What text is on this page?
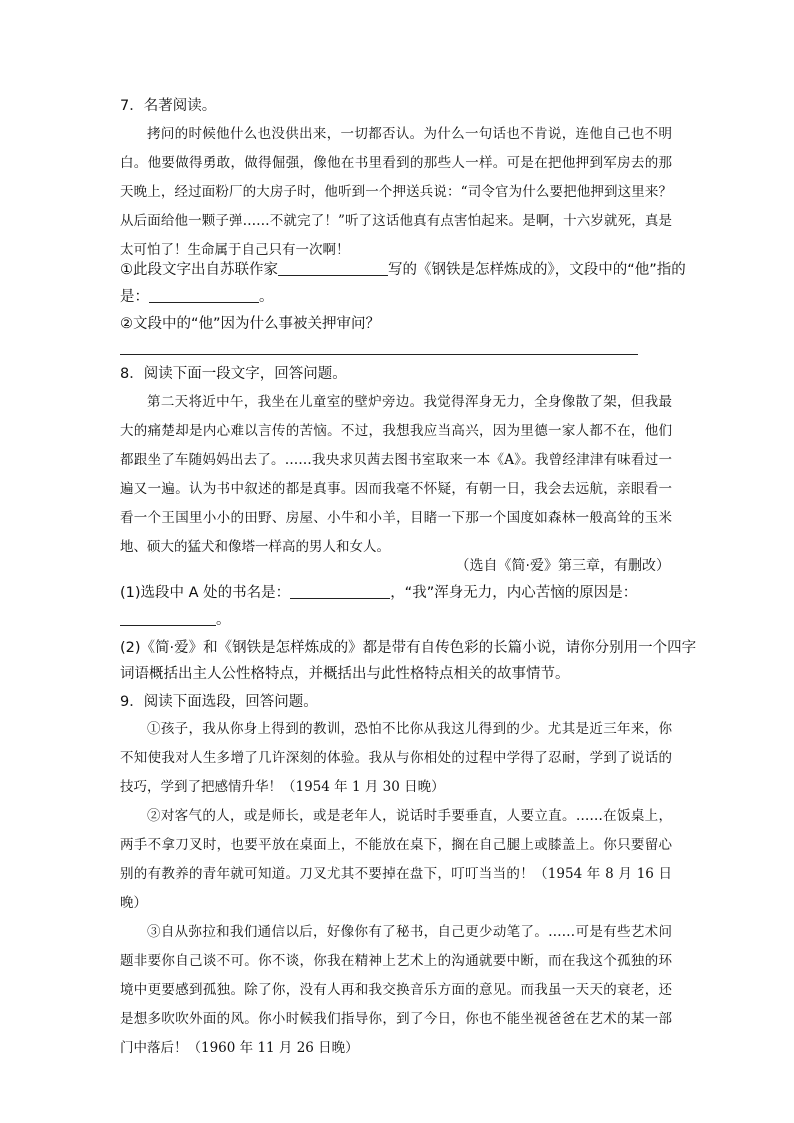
7．名著阅读。

拷问的时候他什么也没供出来，一切都否认。为什么一句话也不肯说，连他自己也不明白。他要做得勇敢，做得倔强，像他在书里看到的那些人一样。可是在把他押到军房去的那天晚上，经过面粉厂的大房子时，他听到一个押送兵说：“司令官为什么要把他押到这里来？从后面给他一颗子弹……不就完了！”听了这话他真有点害怕起来。是啊，十六岁就死，真是太可怕了！生命属于自己只有一次啊！

①此段文字出自苏联作家	写的《钢铁是怎样炼成的》，文段中的“他”指的
是：	。
②文段中的“他”因为什么事被关押审问？
8．阅读下面一段文字，回答问题。

第二天将近中午，我坐在儿童室的壁炉旁边。我觉得浑身无力，全身像散了架，但我最大的痛楚却是内心难以言传的苦恼。不过，我想我应当高兴，因为里德一家人都不在，他们都跟坐了车随妈妈出去了。……我央求贝茜去图书室取来一本《A》。我曾经津津有味看过一遍又一遍。认为书中叙述的都是真事。因而我毫不怀疑，有朝一日，我会去远航，亲眼看一看一个王国里小小的田野、房屋、小牛和小羊，目睹一下那一个国度如森林一般高耸的玉米地、硕大的猛犬和像塔一样高的男人和女人。

（选自《简·爱》第三章，有删改）
(1)选段中 A 处的书名是：	，“我”浑身无力，内心苦恼的原因是：
。
(2)《简·爱》和《钢铁是怎样炼成的》都是带有自传色彩的长篇小说，请你分别用一个四字
词语概括出主人公性格特点，并概括出与此性格特点相关的故事情节。
9．阅读下面选段，回答问题。

①孩子，我从你身上得到的教训，恐怕不比你从我这儿得到的少。尤其是近三年来，你不知使我对人生多增了几许深刻的体验。我从与你相处的过程中学得了忍耐，学到了说话的技巧，学到了把感情升华！（1954 年 1 月 30 日晚）

②对客气的人，或是师长，或是老年人，说话时手要垂直，人要立直。……在饭桌上，两手不拿刀叉时，也要平放在桌面上，不能放在桌下，搁在自己腿上或膝盖上。你只要留心别的有教养的青年就可知道。刀叉尤其不要掉在盘下，叮叮当当的！（1954 年 8 月 16 日晚）

③自从弥拉和我们通信以后，好像你有了秘书，自己更少动笔了。……可是有些艺术问题非要你自己谈不可。你不谈，你我在精神上艺术上的沟通就要中断，而在我这个孤独的环境中更要感到孤独。除了你，没有人再和我交换音乐方面的意见。而我虽一天天的衰老，还是想多吹吹外面的风。你小时候我们指导你，到了今日，你也不能坐视爸爸在艺术的某一部门中落后！（1960 年 11 月 26 日晚）
